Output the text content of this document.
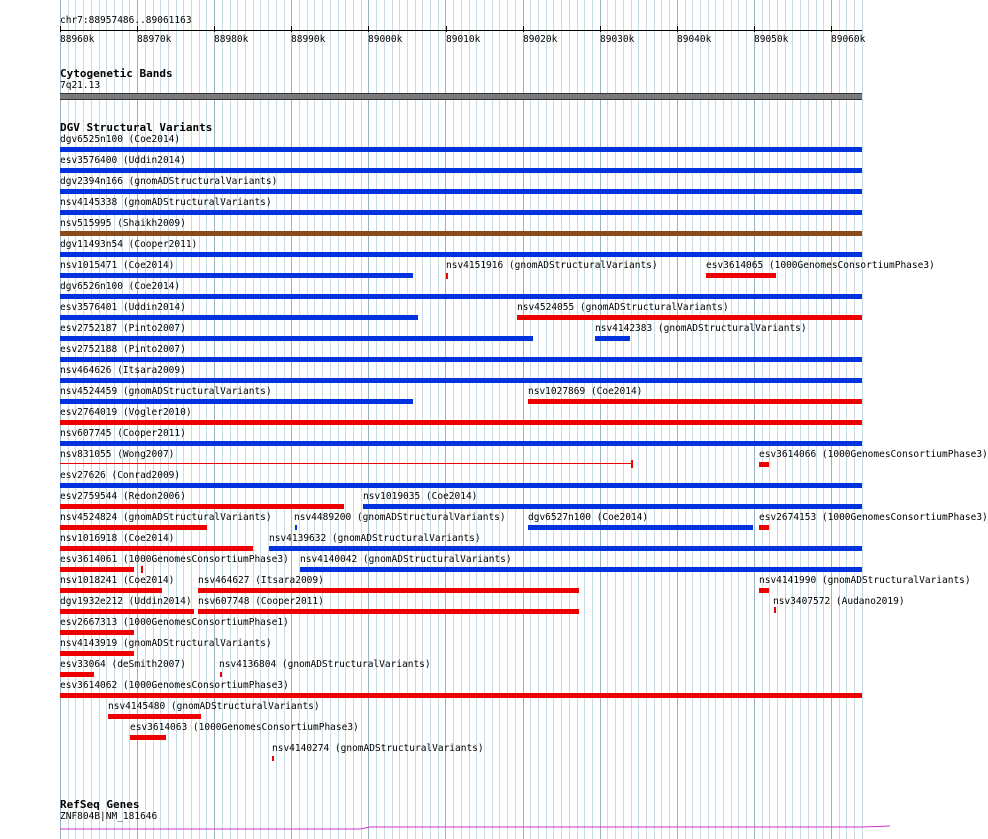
chr7:88957486..89061163
88960k	88970k	88980k	88990k	89000k	89010k	89020k	89030k	89040k	89050k	89060k
Cytogenetic Bands
7q21.13
DGV Structural Variants
dgv6525n100 (Coe2014)
esv3576400 (Uddin2014)
dgv2394n166 (gnomADStructuralVariants)
nsv4145338 (gnomADStructuralVariants)
nsv515995 (Shaikh2009)
dgv11493n54 (Cooper2011)
nsv1015471 (Coe2014)	nsv4151916 (gnomADStructuralVariants)	esv3614065 (1000GenomesConsortiumPhase3)
dgv6526n100 (Coe2014)
esv3576401 (Uddin2014)	nsv4524055 (gnomADStructuralVariants)
esv2752187 (Pinto2007)	nsv4142383 (gnomADStructuralVariants)
esv2752188 (Pinto2007)
nsv464626 (Itsara2009)
nsv4524459 (gnomADStructuralVariants)	nsv1027869 (Coe2014)
esv2764019 (Vogler2010)
nsv607745 (Cooper2011)
nsv831055 (Wong2007)	esv3614066 (1000GenomesConsortiumPhase3)
esv27626 (Conrad2009)
esv2759544 (Redon2006)	nsv1019035 (Coe2014)
nsv4524824 (gnomADStructuralVariants) nsv4489200 (gnomADStructuralVariants) dgv6527n100 (Coe2014)	esv2674153 (1000GenomesConsortiumPhase3)
nsv1016918 (Coe2014)	nsv4139632 (gnomADStructuralVariants)
esv3614061 (1000GenomesConsortiumPhase3) nsv4140042 (gnomADStructuralVariants)
nsv1018241 (Coe2014) nsv464627 (Itsara2009)	nsv4141990 (gnomADStructuralVariants)
dgv1932e212 (Uddin2014) nsv607748 (Cooper2011)	nsv3407572 (Audano2019)
esv2667313 (1000GenomesConsortiumPhase1)
nsv4143919 (gnomADStructuralVariants)
esv33064 (deSmith2007)	nsv4136804 (gnomADStructuralVariants)
esv3614062 (1000GenomesConsortiumPhase3)
nsv4145480 (gnomADStructuralVariants)
esv3614063 (1000GenomesConsortiumPhase3)
nsv4140274 (gnomADStructuralVariants)
RefSeq Genes
ZNF804B|NM_181646
